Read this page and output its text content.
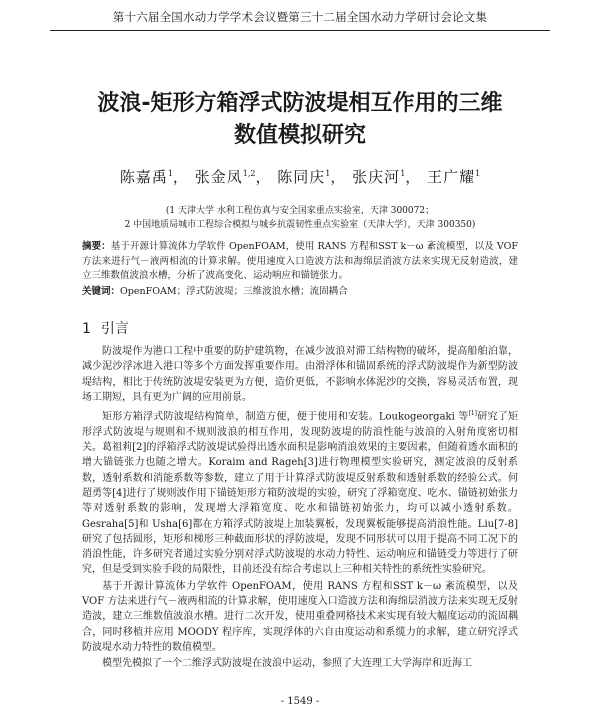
第十六届全国水动力学学术会议暨第三十二届全国水动力学研讨会论文集
波浪-矩形方箱浮式防波堤相互作用的三维
数值模拟研究
陈嘉禹$^1$， 张金凤$^{1,2}$， 陈同庆$^1$， 张庆河$^1$， 王广耀$^1$
(1 天津大学 水利工程仿真与安全国家重点实验室，天津 300072；
2 中国地质局城市工程综合模拟与城乡抗震韧性重点实验室（天津大学），天津 300350)
摘要：基于开源计算流体力学软件 OpenFOAM，使用 RANS 方程和SST k－ω 紊流模型，以及 VOF 方法来进行气－液两相流的计算求解。使用速度入口造波方法和海绵层消波方法来实现无反射造波，建立三维数值波浪水槽，分析了波高变化、运动响应和锚链张力。
关键词：OpenFOAM；浮式防波堤；三维波浪水槽；流固耦合
1 引言

防波堤作为港口工程中重要的防护建筑物，在减少波浪对滞工结构物的破坏，提高船舶泊靠，减少泥沙浮冰进入港口等多个方面发挥重要作用。由滑浮体和锚固系统的浮式防波堤作为新型防波堤结构，相比于传统防波堤安装更为方便，造价更低，不影响水体泥沙的交换，容易灵活布置，现场工期短，具有更为广阔的应用前景。

矩形方箱浮式防波堤结构简单，制造方便，便于使用和安装。Loukogeorgaki 等[1]研究了矩形浮式防波堤与规则和不规则波浪的相互作用，发现防波堤的防浪性能与波浪的入射角度密切相关。葛祖莉[2]的浮箱浮式防波堤试验得出透水面积是影响消浪效果的主要因素，但随着透水面积的增大锚链张力也随之增大。Koraim and Rageh[3]进行物理模型实验研究，测定波浪的反射系数，透射系数和消能系数等参数，建立了用于计算浮式防波堤反射系数和透射系数的经验公式。何超勇等[4]进行了规则波作用下锚链矩形方箱防波堤的实验，研究了浮箱宽度、吃水、锚链初始张力等对透射系数的影响，发现增大浮箱宽度、吃水和锚链初始张力，均可以减小透射系数。Gesraha[5]和 Usha[6]都在方箱浮式防波堤上加装翼板，发现翼板能够提高消浪性能。Liu[7-8]研究了包括圆形，矩形和梯形三种截面形状的浮防波堤，发现不同形状可以用于提高不同工况下的消浪性能，许多研究者通过实验分别对浮式防波堤的水动力特性、运动响应和锚链受力等进行了研究，但是受到实验手段的局限性，目前还没有综合考虑以上三种相关特性的系统性实验研究。

基于开源计算流体力学软件 OpenFOAM，使用 RANS 方程和SST k－ω 紊流模型，以及 VOF 方法来进行气－液两相流的计算求解，使用速度入口造波方法和海绵层消波方法来实现无反射造波，建立三维数值波浪水槽。进行二次开发，使用重叠网格技术来实现有较大幅度运动的流固耦合，同时移植并应用 MOODY 程序库，实现浮体的六自由度运动和系缆力的求解，建立研究浮式防波堤水动力特性的数值模型。

模型先模拟了一个二维浮式防波堤在波浪中运动，参照了大连理工大学海岸和近海工

- 1549 -
